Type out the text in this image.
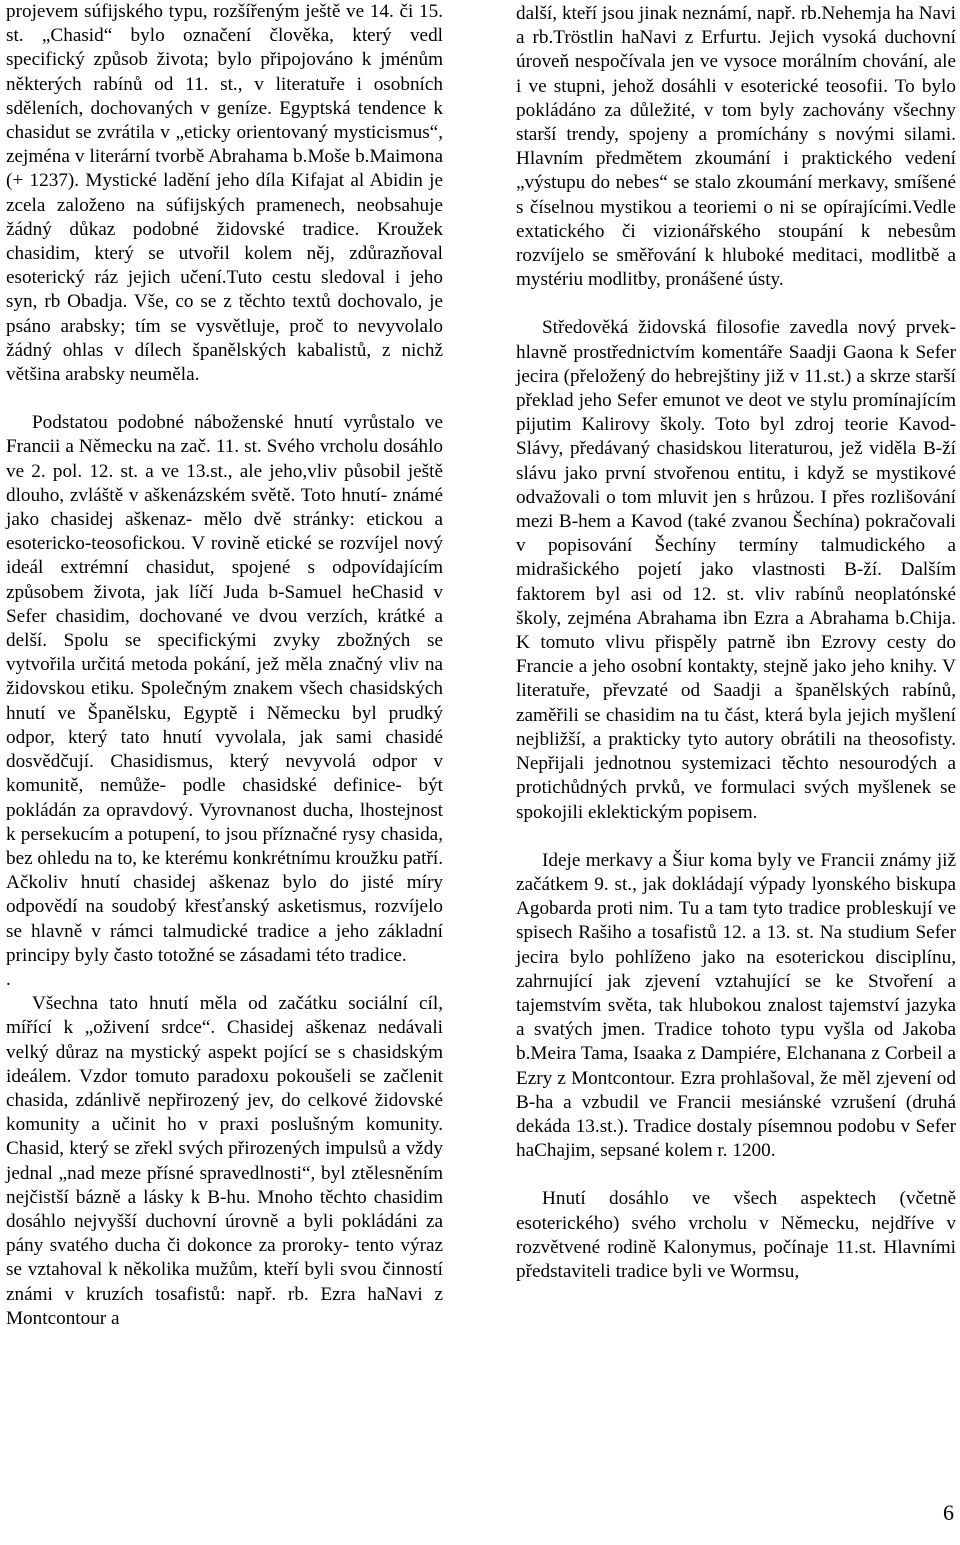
projevem súfijského typu, rozšířeným ještě ve 14. či 15. st. „Chasid“ bylo označení člověka, který vedl specifický způsob života; bylo připojováno k jménům některých rabínů od 11. st., v literatuře i osobních sděleních, dochovaných v geníze. Egyptská tendence k chasidut se zvrátila v „eticky orientovaný mysticismus“, zejména v literární tvorbě Abrahama b.Moše b.Maimona (+ 1237). Mystické ladění jeho díla Kifajat al Abidin je zcela založeno na súfijských pramenech, neobsahuje žádný důkaz podobné židovské tradice. Kroužek chasidim, který se utvořil kolem něj, zdůrazňoval esoterický ráz jejich učení.Tuto cestu sledoval i jeho syn, rb Obadja. Vše, co se z těchto textů dochovalo, je psáno arabsky; tím se vysvětluje, proč to nevyvolalo žádný ohlas v dílech španělských kabalistů, z nichž většina arabsky neuměla.

Podstatou podobné náboženské hnutí vyrůstalo ve Francii a Německu na zač. 11. st. Svého vrcholu dosáhlo ve 2. pol. 12. st. a ve 13.st., ale jeho,vliv působil ještě dlouho, zvláště v aškenázském světě. Toto hnutí- známé jako chasidej aškenaz- mělo dvě stránky: etickou a esotericko-teosofickou. V rovině etické se rozvíjel nový ideál extrémní chasidut, spojené s odpovídajícím způsobem života, jak líčí Juda b-Samuel heChasid v Sefer chasidim, dochované ve dvou verzích, krátké a delší. Spolu se specifickými zvyky zbožných se vytvořila určitá metoda pokání, jež měla značný vliv na židovskou etiku. Společným znakem všech chasidských hnutí ve Španělsku, Egyptě i Německu byl prudký odpor, který tato hnutí vyvolala, jak sami chasidé dosvědčují. Chasidismus, který nevyvolá odpor v komunitě, nemůže- podle chasidské definice- být pokládán za opravdový. Vyrovnanost ducha, lhostejnost k persekucím a potupení, to jsou příznačné rysy chasida, bez ohledu na to, ke kterému konkrétnímu kroužku patří. Ačkoliv hnutí chasidej aškenaz bylo do jisté míry odpovědí na soudobý křesťanský asketismus, rozvíjelo se hlavně v rámci talmudické tradice a jeho základní principy byly často totožné se zásadami této tradice.

.

Všechna tato hnutí měla od začátku sociální cíl, mířící k „oživení srdce“. Chasidej aškenaz nedávali velký důraz na mystický aspekt pojící se s chasidským ideálem. Vzdor tomuto paradoxu pokoušeli se začlenit chasida, zdánlivě nepřirozený jev, do celkové židovské komunity a učinit ho v praxi poslušným komunity. Chasid, který se zřekl svých přirozených impulsů a vždy jednal „nad meze přísné spravedlnosti“, byl ztělesněním nejčistší bázně a lásky k B-hu. Mnoho těchto chasidim dosáhlo nejvyšší duchovní úrovně a byli pokládáni za pány svatého ducha či dokonce za proroky- tento výraz se vztahoval k několika mužům, kteří byli svou činností známi v kruzích tosafistů: např. rb. Ezra haNavi z Montcontour a

další, kteří jsou jinak neznámí, např. rb.Nehemja ha Navi a rb.Tröstlin haNavi z Erfurtu. Jejich vysoká duchovní úroveň nespočívala jen ve vysoce morálním chování, ale i ve stupni, jehož dosáhli v esoterické teosofii. To bylo pokládáno za důležité, v tom byly zachovány všechny starší trendy, spojeny a promíchány s novými silami. Hlavním předmětem zkoumání i praktického vedení „výstupu do nebes“ se stalo zkoumání merkavy, smíšené s číselnou mystikou a teoriemi o ni se opírajícími.Vedle extatického či vizionářského stoupání k nebesům rozvíjelo se směřování k hluboké meditaci, modlitbě a mystériu modlitby, pronášené ústy.

Středověká židovská filosofie zavedla nový prvek- hlavně prostřednictvím komentáře Saadji Gaona k Sefer jecira (přeložený do hebrejštiny již v 11.st.) a skrze starší překlad jeho Sefer emunot ve deot ve stylu promínajícím pijutim Kalirovy školy. Toto byl zdroj teorie Kavod-Slávy, předávaný chasidskou literaturou, jež viděla B-ží slávu jako první stvořenou entitu, i když se mystikové odvažovali o tom mluvit jen s hrůzou. I přes rozlišování mezi B-hem a Kavod (také zvanou Šechína) pokračovali v popisování Šechíny termíny talmudického a midrašického pojetí jako vlastnosti B-ží. Dalším faktorem byl asi od 12. st. vliv rabínů neoplatónské školy, zejména Abrahama ibn Ezra a Abrahama b.Chija. K tomuto vlivu přispěly patrně ibn Ezrovy cesty do Francie a jeho osobní kontakty, stejně jako jeho knihy. V literatuře, převzaté od Saadji a španělských rabínů, zaměřili se chasidim na tu část, která byla jejich myšlení nejbližší, a prakticky tyto autory obrátili na theosofisty. Nepřijali jednotnou systemizaci těchto nesourodých a protichůdných prvků, ve formulaci svých myšlenek se spokojili eklektickým popisem.

Ideje merkavy a Šiur koma byly ve Francii známy již začátkem 9. st., jak dokládají výpady lyonského biskupa Agobarda proti nim. Tu a tam tyto tradice probleskují ve spisech Rašiho a tosafistů 12. a 13. st. Na studium Sefer jecira bylo pohlíženo jako na esoterickou disciplínu, zahrnující jak zjevení vztahující se ke Stvoření a tajemstvím světa, tak hlubokou znalost tajemství jazyka a svatých jmen. Tradice tohoto typu vyšla od Jakoba b.Meira Tama, Isaaka z Dampiére, Elchanana z Corbeil a Ezry z Montcontour. Ezra prohlašoval, že měl zjevení od B-ha a vzbudil ve Francii mesiánské vzrušení (druhá dekáda 13.st.). Tradice dostaly písemnou podobu v Sefer haChajim, sepsané kolem r. 1200.

Hnutí dosáhlo ve všech aspektech (včetně esoterického) svého vrcholu v Německu, nejdříve v rozvětvené rodině Kalonymus, počínaje 11.st. Hlavními představiteli tradice byli ve Wormsu,

6
